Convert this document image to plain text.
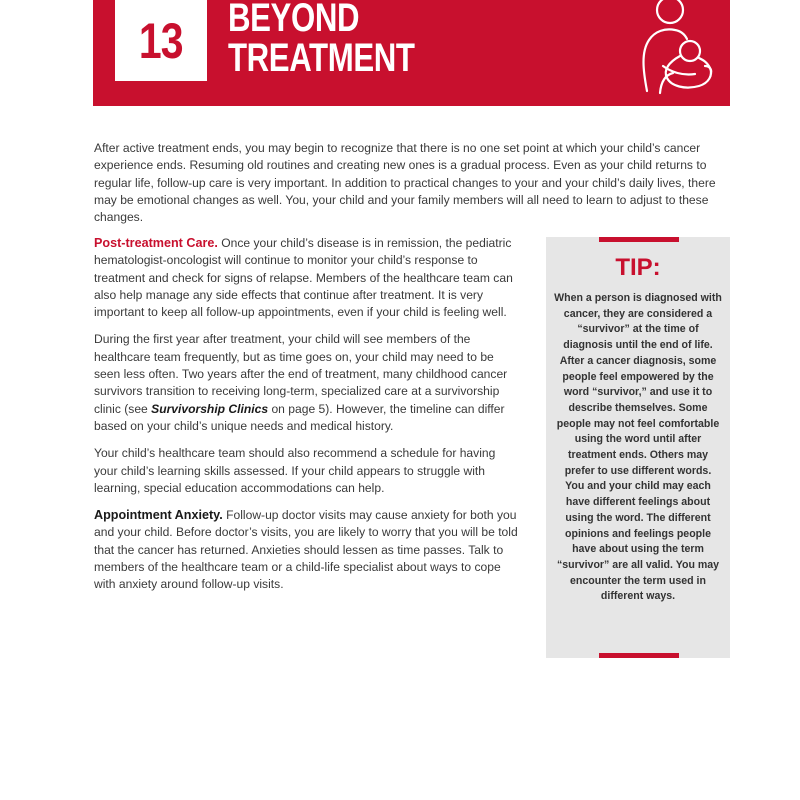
13 BEYOND
TREATMENT
After active treatment ends, you may begin to recognize that there is no one set point at which your child’s cancer experience ends. Resuming old routines and creating new ones is a gradual process. Even as your child returns to regular life, follow-up care is very important. In addition to practical changes to your and your child’s daily lives, there may be emotional changes as well. You, your child and your family members will all need to learn to adjust to these changes.

Post-treatment Care. Once your child’s disease is in remission, the pediatric hematologist-oncologist will continue to monitor your child’s response to treatment and check for signs of relapse. Members of the healthcare team can also help manage any side effects that continue after treatment. It is very important to keep all follow-up appointments, even if your child is feeling well.

During the first year after treatment, your child will see members of the healthcare team frequently, but as time goes on, your child may need to be seen less often. Two years after the end of treatment, many childhood cancer survivors transition to receiving long-term, specialized care at a survivorship clinic (see Survivorship Clinics on page 5). However, the timeline can differ based on your child’s unique needs and medical history.

Your child’s healthcare team should also recommend a schedule for having your child’s learning skills assessed. If your child appears to struggle with learning, special education accommodations can help.

Appointment Anxiety. Follow-up doctor visits may cause anxiety for both you and your child. Before doctor’s visits, you are likely to worry that you will be told that the cancer has returned. Anxieties should lessen as time passes. Talk to members of the healthcare team or a child-life specialist about ways to cope with anxiety around follow-up visits.

TIP:
When a person is diagnosed with cancer, they are considered a “survivor” at the time of diagnosis until the end of life. After a cancer diagnosis, some people feel empowered by the word “survivor,” and use it to describe themselves. Some people may not feel comfortable using the word until after treatment ends. Others may prefer to use different words. You and your child may each have different feelings about using the word. The different opinions and feelings people have about using the term “survivor” are all valid. You may encounter the term used in different ways.
